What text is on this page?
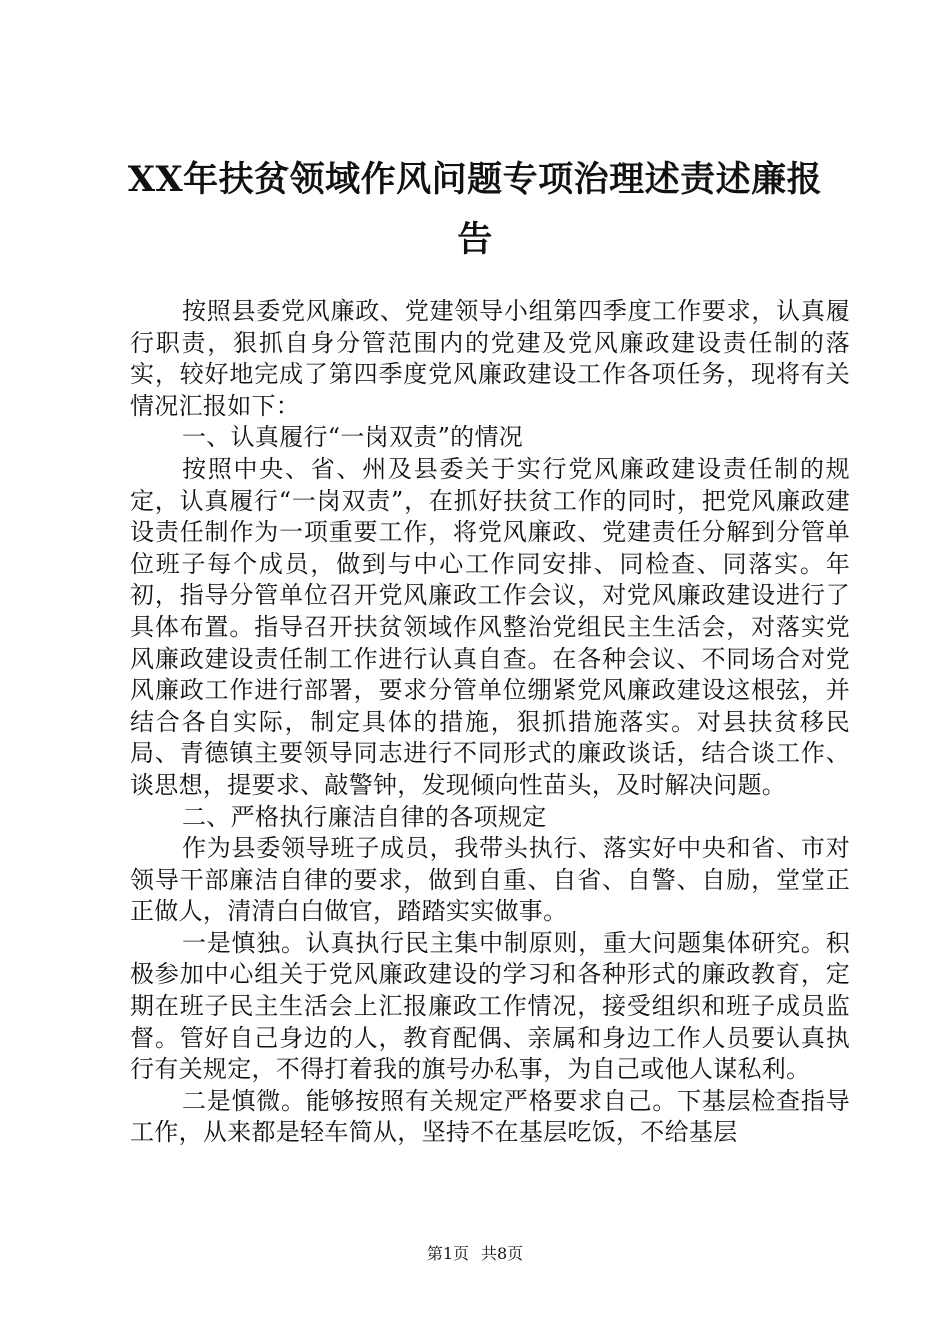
XX年扶贫领域作风问题专项治理述责述廉报
告

按照县委党风廉政、党建领导小组第四季度工作要求，认真履行职责，狠抓自身分管范围内的党建及党风廉政建设责任制的落实，较好地完成了第四季度党风廉政建设工作各项任务，现将有关情况汇报如下：

一、认真履行“一岗双责”的情况

按照中央、省、州及县委关于实行党风廉政建设责任制的规定，认真履行“一岗双责”，在抓好扶贫工作的同时，把党风廉政建设责任制作为一项重要工作，将党风廉政、党建责任分解到分管单位班子每个成员，做到与中心工作同安排、同检查、同落实。年初，指导分管单位召开党风廉政工作会议，对党风廉政建设进行了具体布置。指导召开扶贫领域作风整治党组民主生活会，对落实党风廉政建设责任制工作进行认真自查。在各种会议、不同场合对党风廉政工作进行部署，要求分管单位绷紧党风廉政建设这根弦，并结合各自实际，制定具体的措施，狠抓措施落实。对县扶贫移民局、青德镇主要领导同志进行不同形式的廉政谈话，结合谈工作、谈思想，提要求、敲警钟，发现倾向性苗头，及时解决问题。

二、严格执行廉洁自律的各项规定

作为县委领导班子成员，我带头执行、落实好中央和省、市对领导干部廉洁自律的要求，做到自重、自省、自警、自励，堂堂正正做人，清清白白做官，踏踏实实做事。

一是慎独。认真执行民主集中制原则，重大问题集体研究。积极参加中心组关于党风廉政建设的学习和各种形式的廉政教育，定期在班子民主生活会上汇报廉政工作情况，接受组织和班子成员监督。管好自己身边的人，教育配偶、亲属和身边工作人员要认真执行有关规定，不得打着我的旗号办私事，为自己或他人谋私利。

二是慎微。能够按照有关规定严格要求自己。下基层检查指导工作，从来都是轻车简从，坚持不在基层吃饭，不给基层

第1页 共8页
